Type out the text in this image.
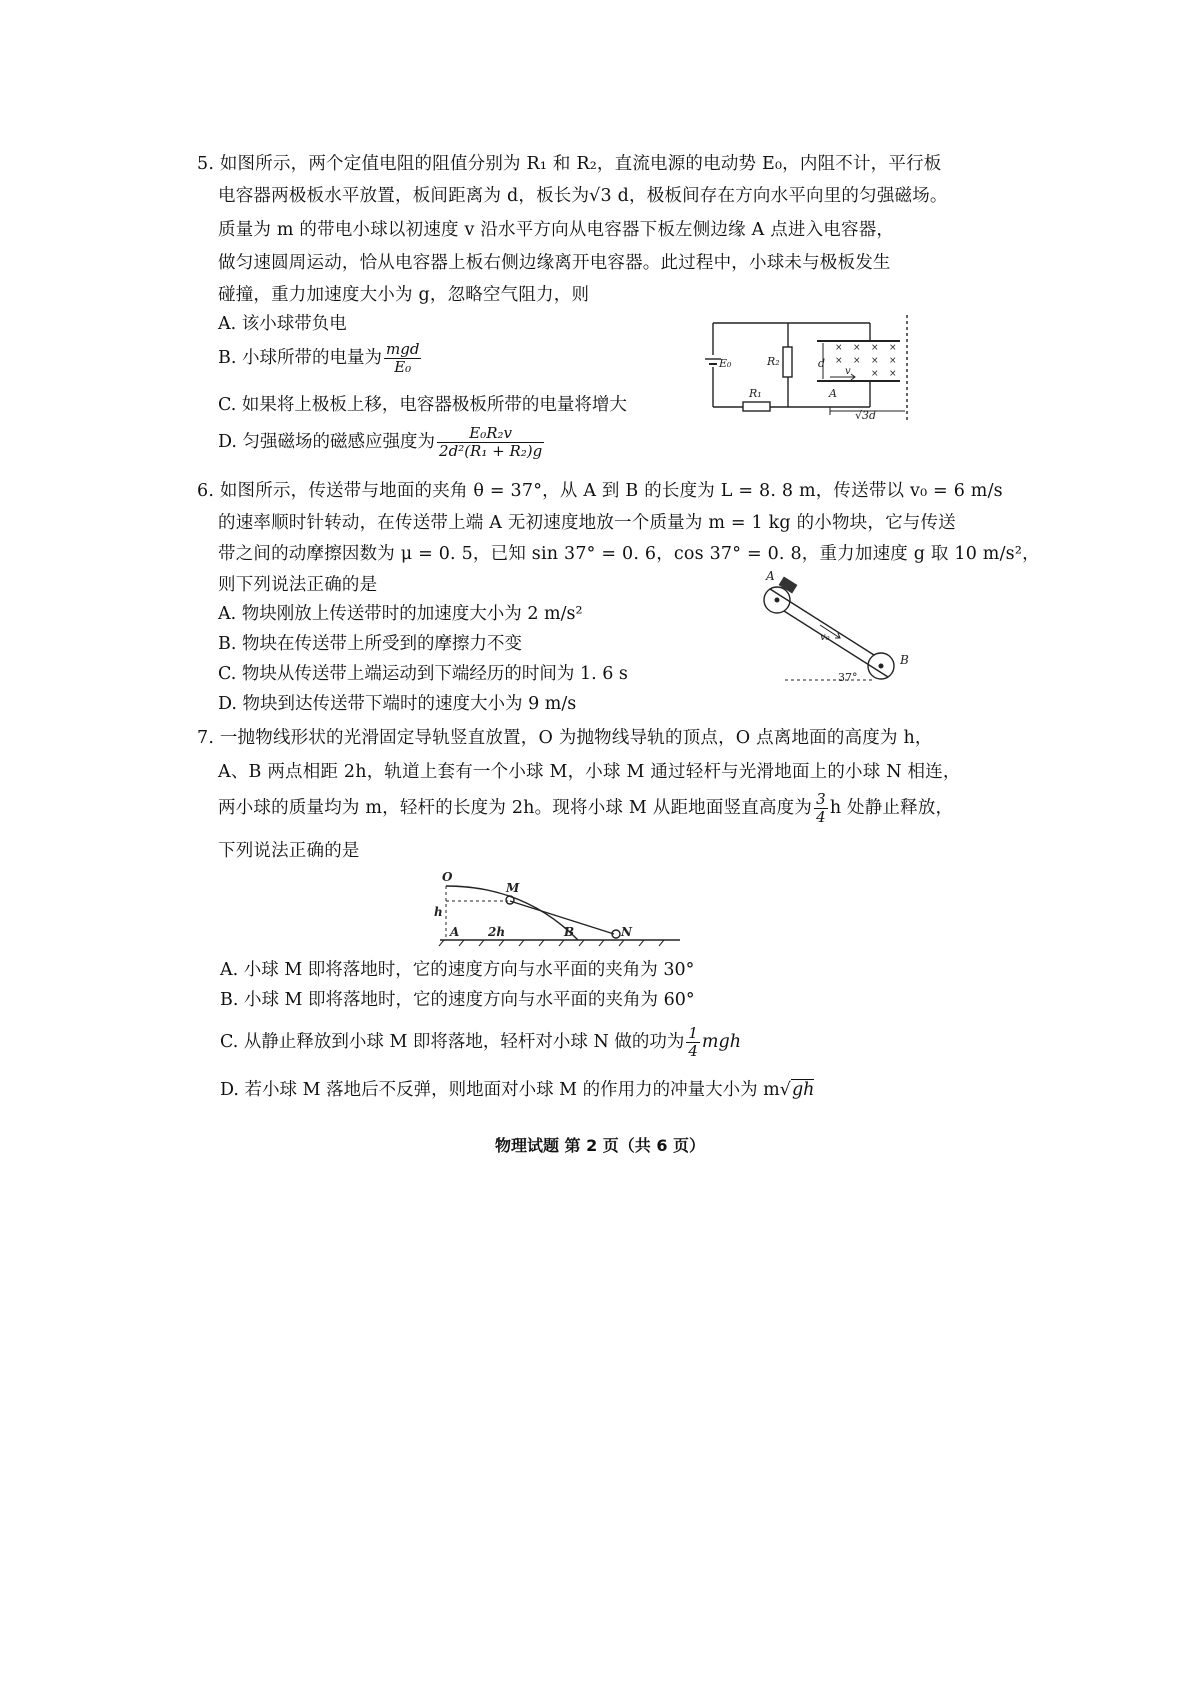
5. 如图所示，两个定值电阻的阻值分别为 R₁ 和 R₂，直流电源的电动势 E₀，内阻不计，平行板
电容器两极板水平放置，板间距离为 d，板长为√3 d，极板间存在方向水平向里的匀强磁场。
质量为 m 的带电小球以初速度 v 沿水平方向从电容器下板左侧边缘 A 点进入电容器，
做匀速圆周运动，恰从电容器上板右侧边缘离开电容器。此过程中，小球未与极板发生
碰撞，重力加速度大小为 g，忽略空气阻力，则
A. 该小球带负电
B. 小球所带的电量为 $\frac{\text{mgd}}{\text{E₀}}$
C. 如果将上极板上移，电容器极板所带的电量将增大
D. 匀强磁场的磁感应强度为 $\frac{\text{E₀R₂v}}{\text{2d²(R₁ + R₂)g}}$
× × × ×
× × × ×
× ×
E₀
R₁
R₂	d
v
A
√3d
6. 如图所示，传送带与地面的夹角 θ = 37°，从 A 到 B 的长度为 L = 8. 8 m，传送带以 v₀ = 6 m/s
的速率顺时针转动，在传送带上端 A 无初速度地放一个质量为 m = 1 kg 的小物块，它与传送
带之间的动摩擦因数为 μ = 0. 5，已知 sin 37° = 0. 6，cos 37° = 0. 8，重力加速度 g 取 10 m/s²，
则下列说法正确的是
A. 物块刚放上传送带时的加速度大小为 2 m/s²
B. 物块在传送带上所受到的摩擦力不变
C. 物块从传送带上端运动到下端经历的时间为 1. 6 s
D. 物块到达传送带下端时的速度大小为 9 m/s
A
B
v₀
37°
7. 一抛物线形状的光滑固定导轨竖直放置，O 为抛物线导轨的顶点，O 点离地面的高度为 h，
A、B 两点相距 2h，轨道上套有一个小球 M，小球 M 通过轻杆与光滑地面上的小球 N 相连，
两小球的质量均为 m，轻杆的长度为 2h。现将小球 M 从距地面竖直高度为 $\frac{3}{4}$ h 处静止释放，
下列说法正确的是
O
M
h
A 2h	B	N
A. 小球 M 即将落地时，它的速度方向与水平面的夹角为 30°
B. 小球 M 即将落地时，它的速度方向与水平面的夹角为 60°
C. 从静止释放到小球 M 即将落地，轻杆对小球 N 做的功为 $\frac{1}{4}$ mgh
D. 若小球 M 落地后不反弹，则地面对小球 M 的作用力的冲量大小为 m√gh
物理试题 第 2 页（共 6 页）
